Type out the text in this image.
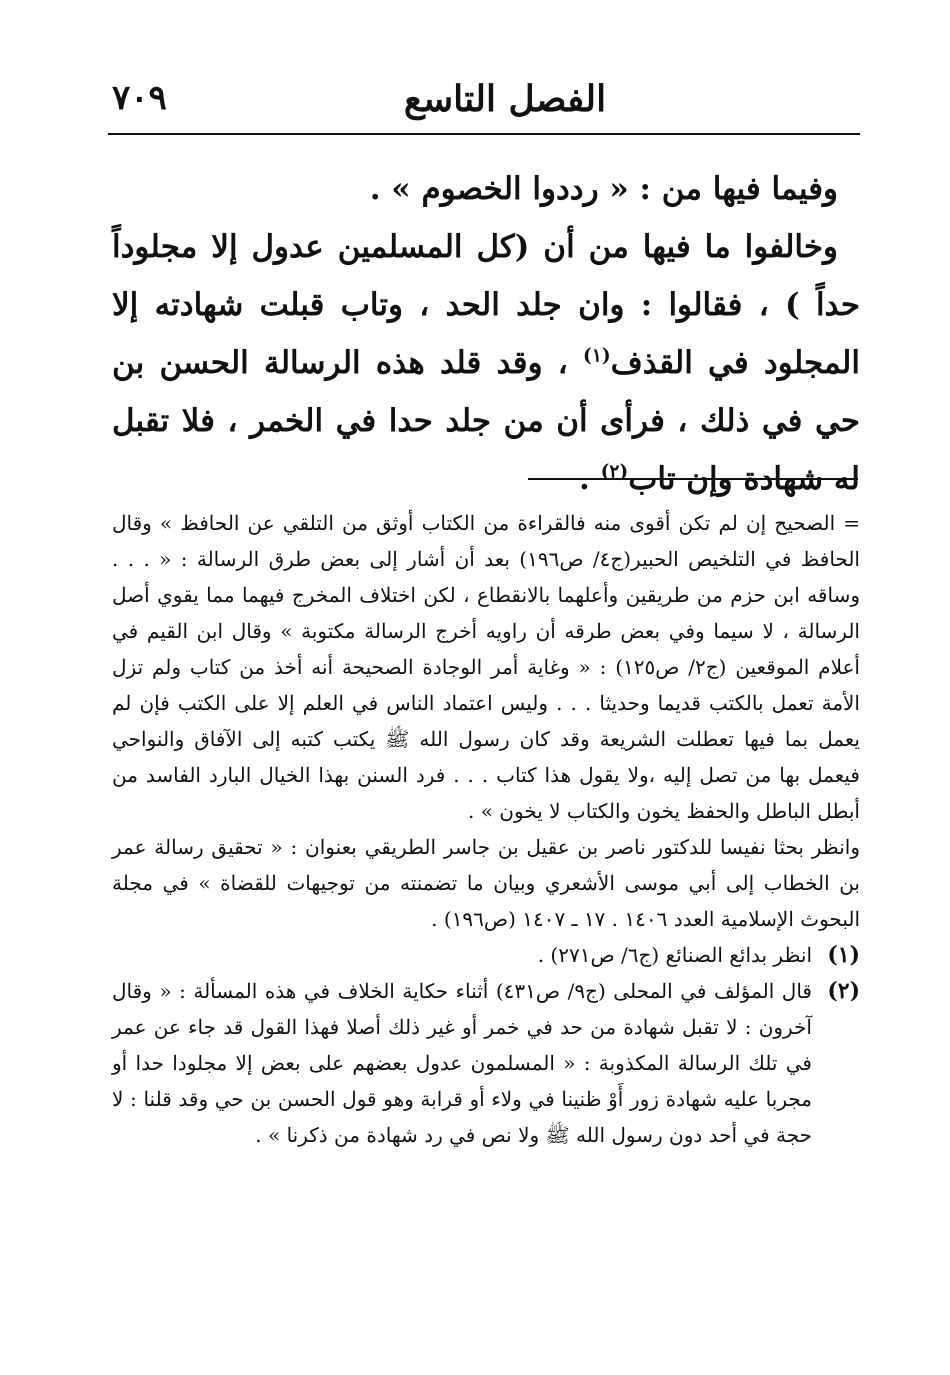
٧٠٩	الفصل التاسع

وفيما فيها من : « رددوا الخصوم » .

وخالفوا ما فيها من أن (كل المسلمين عدول إلا مجلوداً حداً ) ، فقالوا : وان جلد الحد ، وتاب قبلت شهادته إلا المجلود في القذف$^{(١)}$ ، وقد قلد هذه الرسالة الحسن بن حي في ذلك ، فرأى أن من جلد حدا في الخمر ، فلا تقبل له شهادة وإن تاب$^{(٢)}$ .

= الصحيح إن لم تكن أقوى منه فالقراءة من الكتاب أوثق من التلقي عن الحافظ » وقال الحافظ في التلخيص الحبير(ج٤/ ص١٩٦) بعد أن أشار إلى بعض طرق الرسالة : « . . . وساقه ابن حزم من طريقين وأعلهما بالانقطاع ، لكن اختلاف المخرج فيهما مما يقوي أصل الرسالة ، لا سيما وفي بعض طرقه أن راويه أخرج الرسالة مكتوبة » وقال ابن القيم في أعلام الموقعين (ج٢/ ص١٢٥) : « وغاية أمر الوجادة الصحيحة أنه أخذ من كتاب ولم تزل الأمة تعمل بالكتب قديما وحديثا . . . وليس اعتماد الناس في العلم إلا على الكتب فإن لم يعمل بما فيها تعطلت الشريعة وقد كان رسول الله ﷺ يكتب كتبه إلى الآفاق والنواحي فيعمل بها من تصل إليه ،ولا يقول هذا كتاب . . . فرد السنن بهذا الخيال البارد الفاسد من أبطل الباطل والحفظ يخون والكتاب لا يخون » .

وانظر بحثا نفيسا للدكتور ناصر بن عقيل بن جاسر الطريقي بعنوان : « تحقيق رسالة عمر بن الخطاب إلى أبي موسى الأشعري وبيان ما تضمنته من توجيهات للقضاة » في مجلة البحوث الإسلامية العدد ١٤٠٦ . ١٧ ـ ١٤٠٧ (ص١٩٦) .

(١)
انظر بدائع الصنائع (ج٦/ ص٢٧١) .
(٢)
قال المؤلف في المحلى (ج٩/ ص٤٣١) أثناء حكاية الخلاف في هذه المسألة : « وقال آخرون : لا تقبل شهادة من حد في خمر أو غير ذلك أصلا فهذا القول قد جاء عن عمر في تلك الرسالة المكذوبة : « المسلمون عدول بعضهم على بعض إلا مجلودا حدا أو مجربا عليه شهادة زور أَوْ ظنينا في ولاء أو قرابة وهو قول الحسن بن حي وقد قلنا : لا حجة في أحد دون رسول الله ﷺ ولا نص في رد شهادة من ذكرنا » .
